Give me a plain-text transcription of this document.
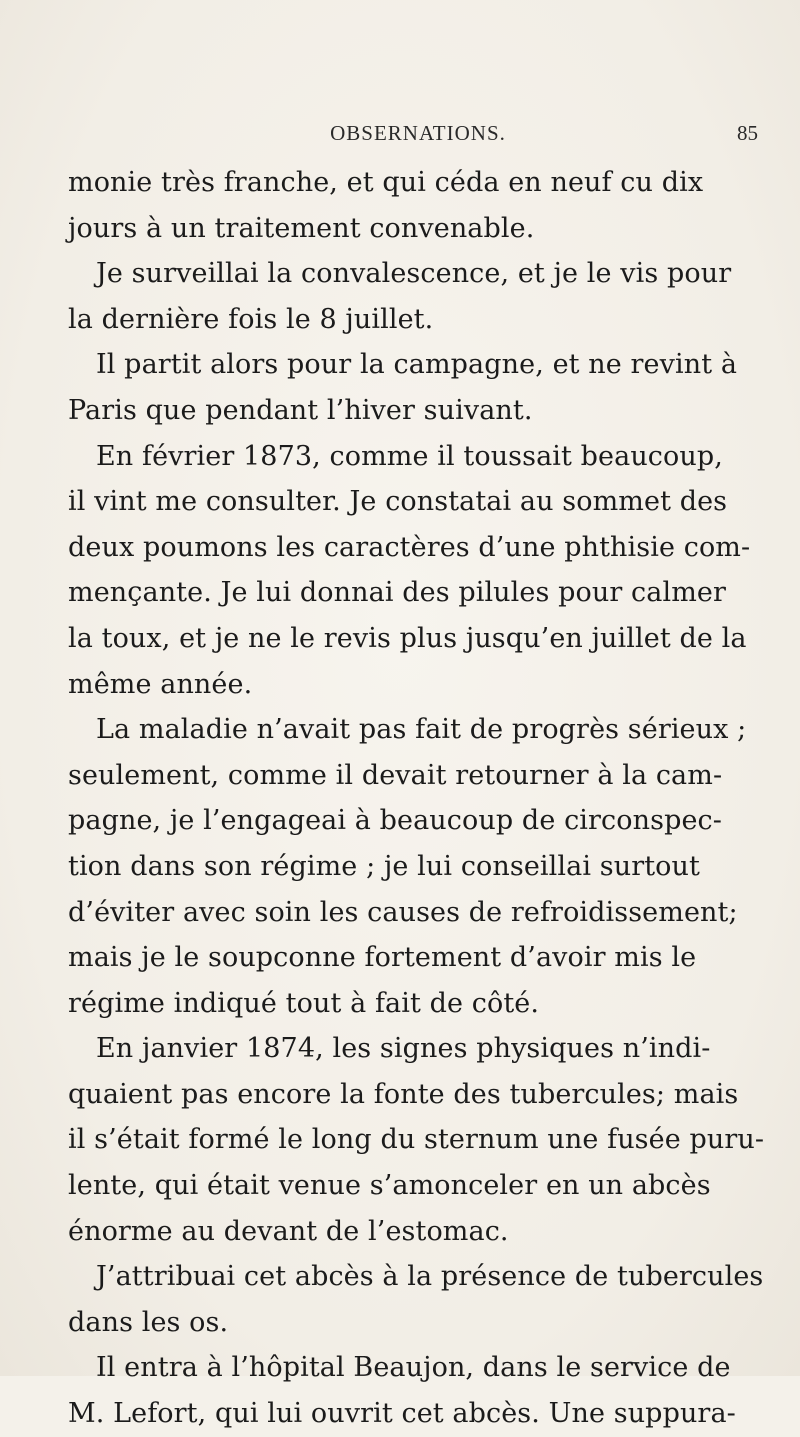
OBSERNATIONS.	85
monie très franche, et qui céda en neuf cu dix
jours à un traitement convenable.
Je surveillai la convalescence, et je le vis pour
la dernière fois le 8 juillet.
Il partit alors pour la campagne, et ne revint à
Paris que pendant l’hiver suivant.
En février 1873, comme il toussait beaucoup,
il vint me consulter. Je constatai au sommet des
deux poumons les caractères d’une phthisie com-
mençante. Je lui donnai des pilules pour calmer
la toux, et je ne le revis plus jusqu’en juillet de la
même année.
La maladie n’avait pas fait de progrès sérieux ;
seulement, comme il devait retourner à la cam-
pagne, je l’engageai à beaucoup de circonspec-
tion dans son régime ; je lui conseillai surtout
d’éviter avec soin les causes de refroidissement;
mais je le soupconne fortement d’avoir mis le
régime indiqué tout à fait de côté.
En janvier 1874, les signes physiques n’indi-
quaient pas encore la fonte des tubercules; mais
il s’était formé le long du sternum une fusée puru-
lente, qui était venue s’amonceler en un abcès
énorme au devant de l’estomac.
J’attribuai cet abcès à la présence de tubercules
dans les os.
Il entra à l’hôpital Beaujon, dans le service de
M. Lefort, qui lui ouvrit cet abcès. Une suppura-
